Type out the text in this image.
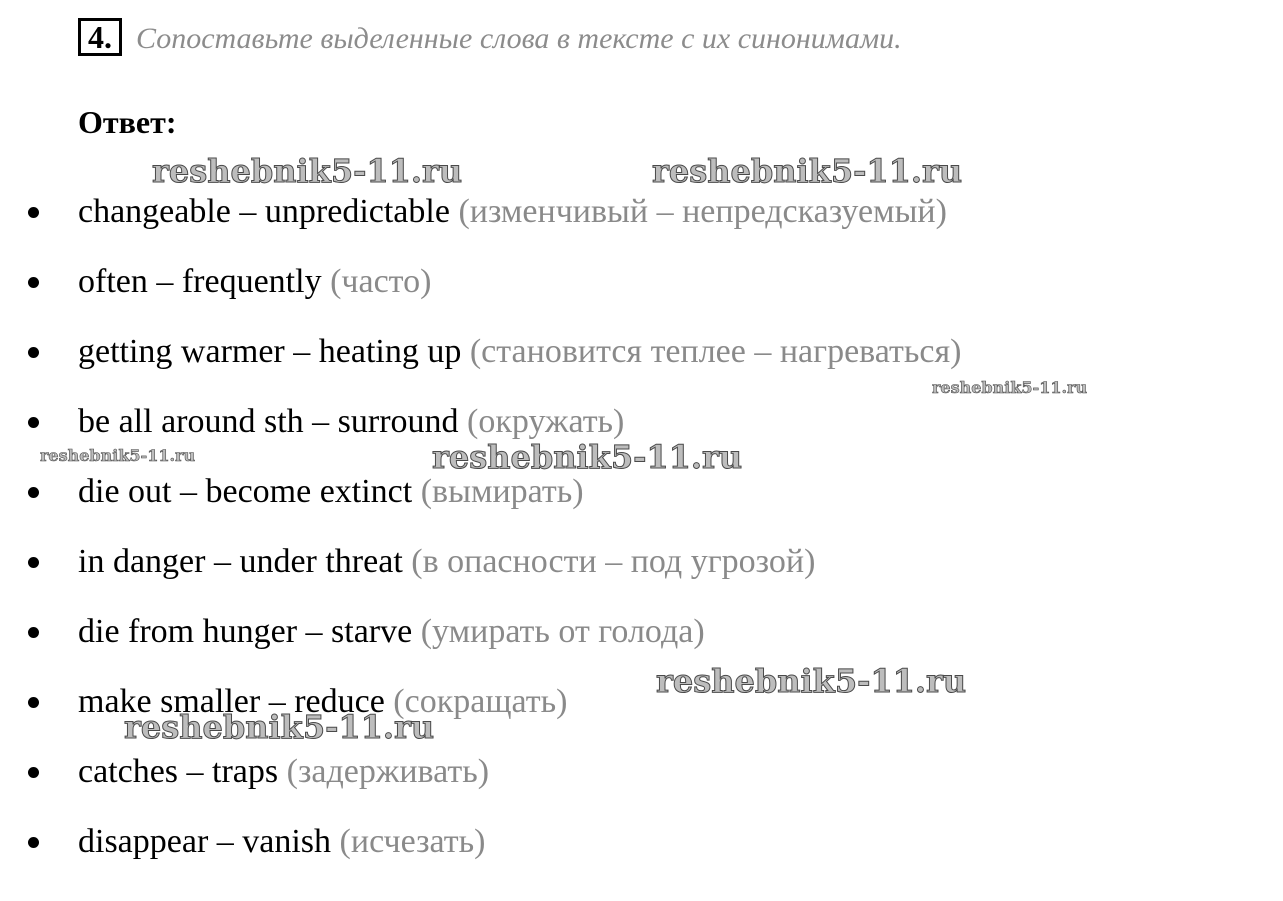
4. Сопоставьте выделенные слова в тексте с их синонимами.
Ответ:
changeable – unpredictable (изменчивый – непредсказуемый)
often – frequently (часто)
getting warmer – heating up (становится теплее – нагреваться)
be all around sth – surround (окружать)
die out – become extinct (вымирать)
in danger – under threat (в опасности – под угрозой)
die from hunger – starve (умирать от голода)
make smaller – reduce (сокращать)
catches – traps (задерживать)
disappear – vanish (исчезать)
reshebnik5-11.ru	reshebnik5-11.ru
reshebnik5-11.ru
reshebnik5-11.ru	reshebnik5-11.ru
reshebnik5-11.ru
reshebnik5-11.ru
